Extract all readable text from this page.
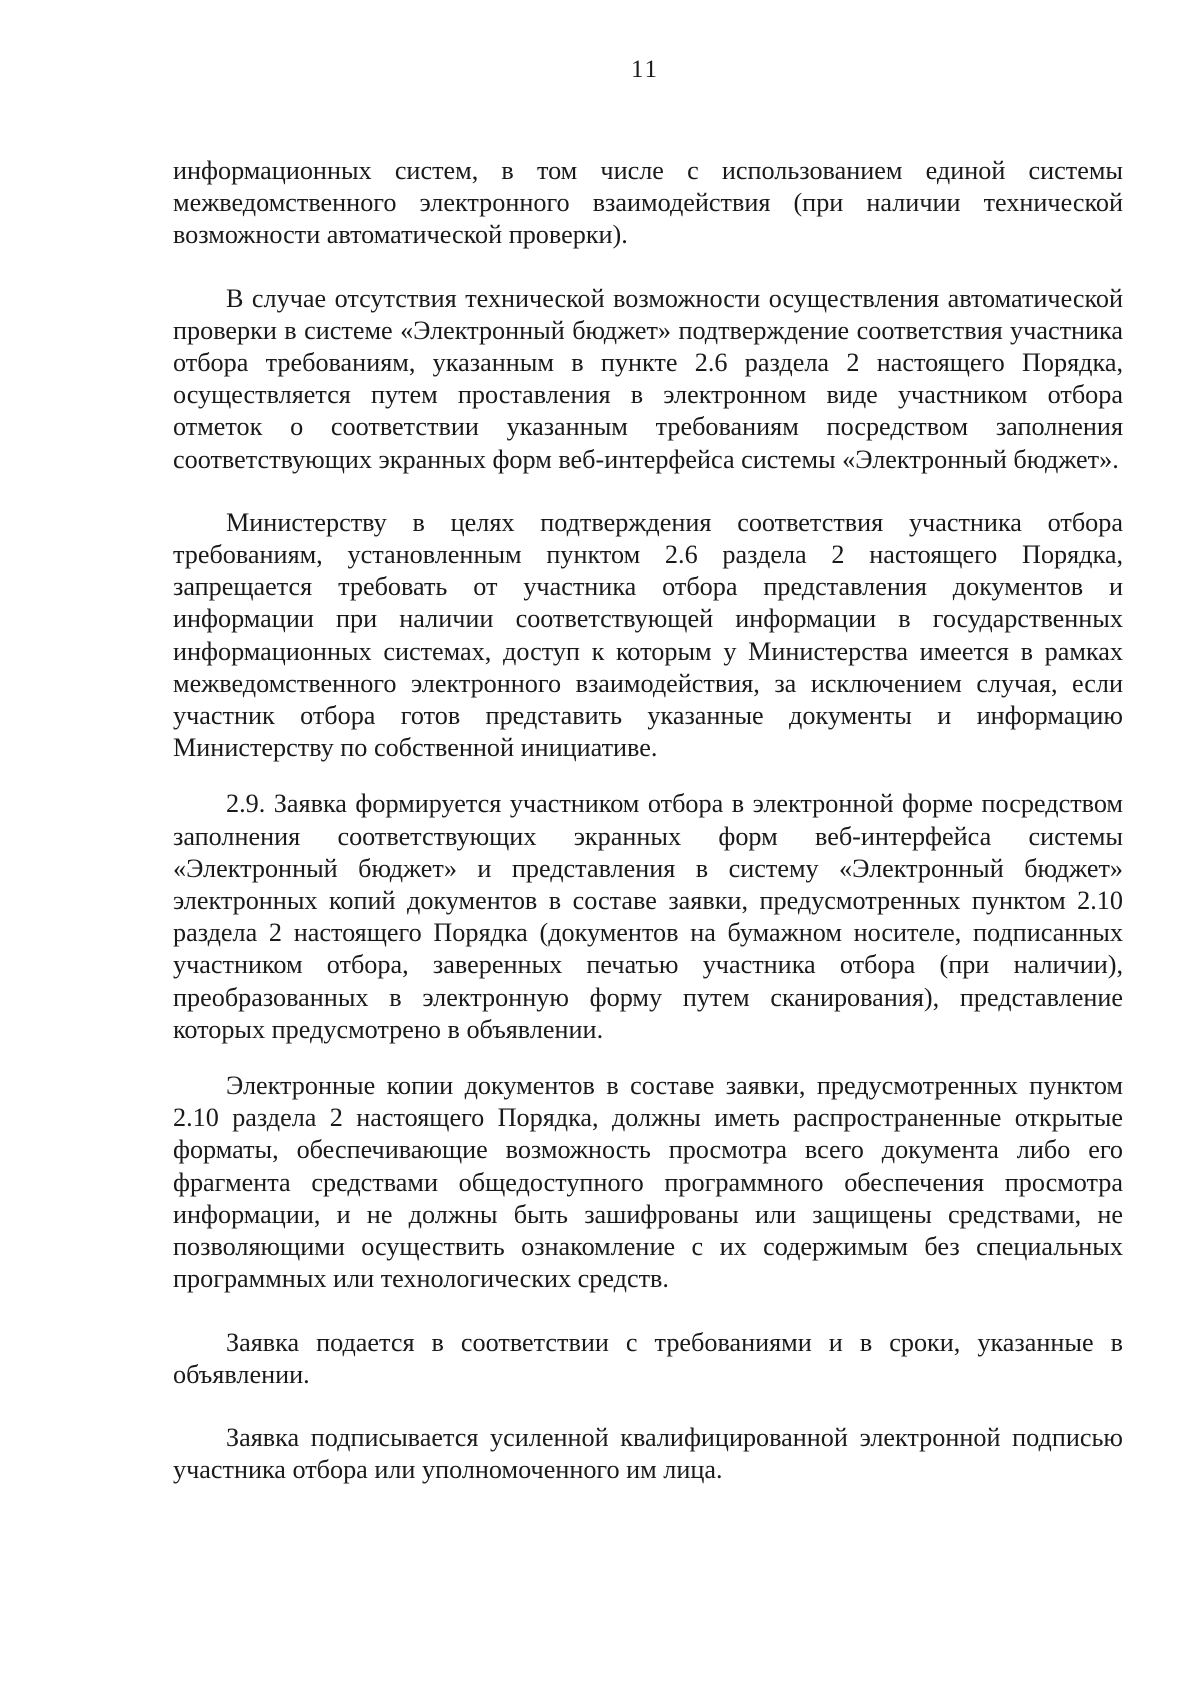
11

информационных систем, в том числе с использованием единой системы межведомственного электронного взаимодействия (при наличии технической возможности автоматической проверки).

В случае отсутствия технической возможности осуществления автоматической проверки в системе «Электронный бюджет» подтверждение соответствия участника отбора требованиям, указанным в пункте 2.6 раздела 2 настоящего Порядка, осуществляется путем проставления в электронном виде участником отбора отметок о соответствии указанным требованиям посредством заполнения соответствующих экранных форм веб-интерфейса системы «Электронный бюджет».

Министерству в целях подтверждения соответствия участника отбора требованиям, установленным пунктом 2.6 раздела 2 настоящего Порядка, запрещается требовать от участника отбора представления документов и информации при наличии соответствующей информации в государственных информационных системах, доступ к которым у Министерства имеется в рамках межведомственного электронного взаимодействия, за исключением случая, если участник отбора готов представить указанные документы и информацию Министерству по собственной инициативе.

2.9. Заявка формируется участником отбора в электронной форме посредством заполнения соответствующих экранных форм веб-интерфейса системы «Электронный бюджет» и представления в систему «Электронный бюджет» электронных копий документов в составе заявки, предусмотренных пунктом 2.10 раздела 2 настоящего Порядка (документов на бумажном носителе, подписанных участником отбора, заверенных печатью участника отбора (при наличии), преобразованных в электронную форму путем сканирования), представление которых предусмотрено в объявлении.

Электронные копии документов в составе заявки, предусмотренных пунктом 2.10 раздела 2 настоящего Порядка, должны иметь распространенные открытые форматы, обеспечивающие возможность просмотра всего документа либо его фрагмента средствами общедоступного программного обеспечения просмотра информации, и не должны быть зашифрованы или защищены средствами, не позволяющими осуществить ознакомление с их содержимым без специальных программных или технологических средств.

Заявка подается в соответствии с требованиями и в сроки, указанные в объявлении.

Заявка подписывается усиленной квалифицированной электронной подписью участника отбора или уполномоченного им лица.
